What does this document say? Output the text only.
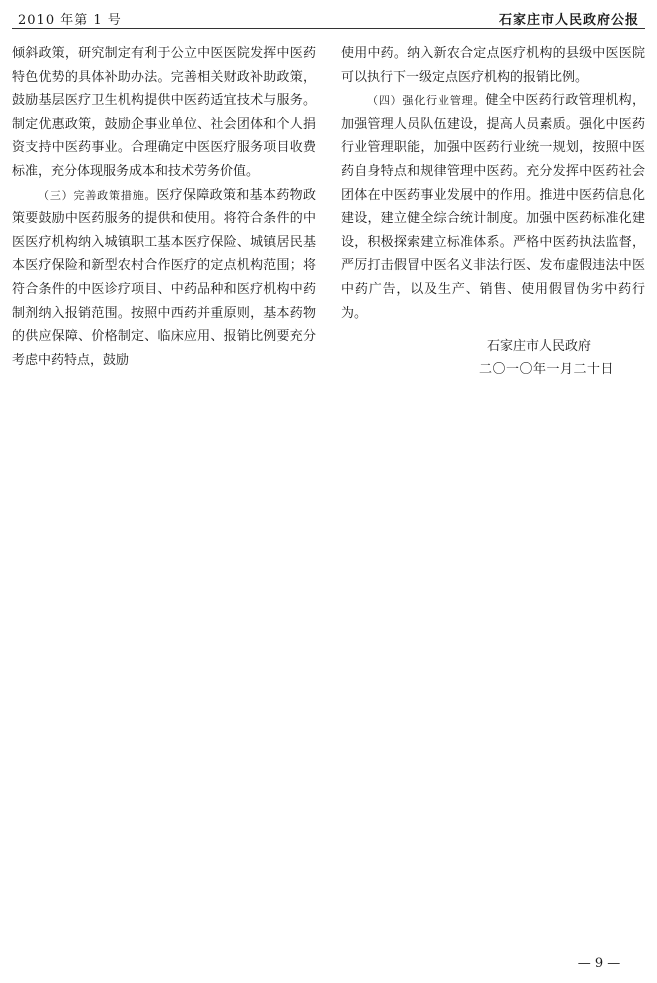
2010 年第 1 号	石家庄市人民政府公报

倾斜政策，研究制定有利于公立中医医院发挥中医药特色优势的具体补助办法。完善相关财政补助政策，鼓励基层医疗卫生机构提供中医药适宜技术与服务。制定优惠政策，鼓励企事业单位、社会团体和个人捐资支持中医药事业。合理确定中医医疗服务项目收费标准，充分体现服务成本和技术劳务价值。

（三）完善政策措施。医疗保障政策和基本药物政策要鼓励中医药服务的提供和使用。将符合条件的中医医疗机构纳入城镇职工基本医疗保险、城镇居民基本医疗保险和新型农村合作医疗的定点机构范围；将符合条件的中医诊疗项目、中药品种和医疗机构中药制剂纳入报销范围。按照中西药并重原则，基本药物的供应保障、价格制定、临床应用、报销比例要充分考虑中药特点，鼓励

使用中药。纳入新农合定点医疗机构的县级中医医院可以执行下一级定点医疗机构的报销比例。

（四）强化行业管理。健全中医药行政管理机构，加强管理人员队伍建设，提高人员素质。强化中医药行业管理职能，加强中医药行业统一规划，按照中医药自身特点和规律管理中医药。充分发挥中医药社会团体在中医药事业发展中的作用。推进中医药信息化建设，建立健全综合统计制度。加强中医药标准化建设，积极探索建立标准体系。严格中医药执法监督，严厉打击假冒中医名义非法行医、发布虚假违法中医中药广告，以及生产、销售、使用假冒伪劣中药行为。

石家庄市人民政府
二〇一〇年一月二十日
— 9 —
